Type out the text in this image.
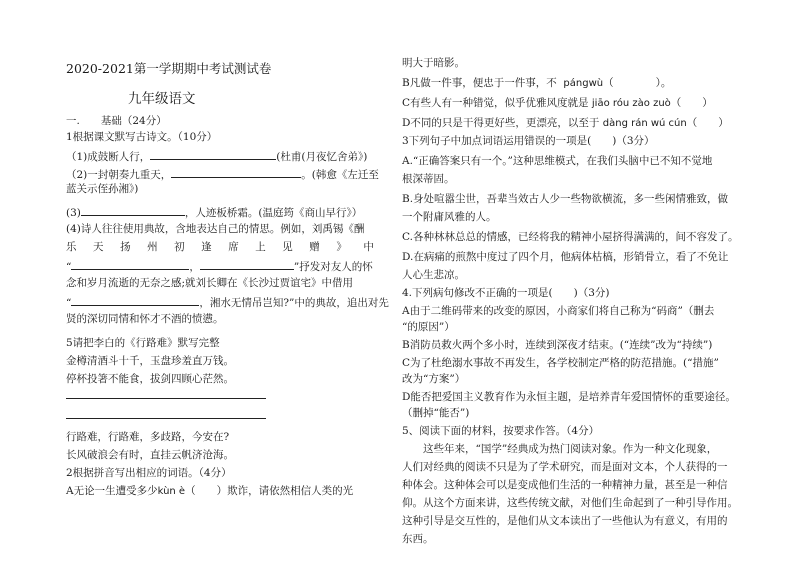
2020-2021第一学期期中考试测试卷
九年级语文
一.　　基础（24分）
1根据课文默写古诗文。（10分）
（1)成鼓断人行，	(杜甫(月夜忆舍弟》)
（2)一封朝奏九重天，	。(韩愈《左迁至
蓝关示侄孙湘》)
(3)	，人迹板桥霜。(温庭筠《商山早行》）
(4)诗人往往使用典故，含地表达自己的情思。例如，刘禹锡《酬
乐 天 扬 州 初 逢 席 上 见 赠 》 中
“	，	”抒发对友人的怀
念和岁月流逝的无奈之感;就刘长卿在《长沙过贾谊宅》中借用
“	，湘水无情吊岂知?”中的典故，追出对先
贤的深切同情和怀才不酒的愤懑。
5请把李白的《行路难》默写完整
金樽清酒斗十千，玉盘珍羞直万钱。
停杯投箸不能食，拔剑四顾心茫然。
行路难，行路难，多歧路，今安在?
长风破浪会有时，直挂云帆济沧海。
2根据拼音写出相应的词语。（4分）
A无论一生遭受多少kùn è（　　）欺诈，请依然相信人类的光
明大于暗影。
B凡做一件事，便忠于一件事，不 pángwù（　　　　）。
C有些人有一种错觉，似乎优雅风度就是 jiāo róu zào zuò（　　）
D不同的只是干得更好些，更漂亮，以至于 dàng rán wú cún（　　）
3下列句子中加点词语运用错误的一项是(　　)（3分）
A.“正确答案只有一个。”这种思维模式，在我们头脑中已不知不觉地
根深蒂固。
B.身处喧嚣尘世，吾辈当效古人少一些物欲横流，多一些闲情雅致，做
一个附庸风雅的人。
C.各种林林总总的情感，已经将我的精神小屋挤得满满的，间不容发了。
D.在病痛的煎熬中度过了四个月，他病体枯槁，形销骨立，看了不免让
人心生悲凉。
4.下列病句修改不正确的一项是(　　)（3分)
A由于二维码带来的改变的原因，小商家们将自己称为“码商”（删去
“的原因”）
B消防员救火两个多小时，连续到深夜才结束。(“连续”改为“持续”)
C为了杜绝溺水事故不再发生，各学校制定严格的防范措施。(“措施”
改为“方案”）
D能否把爱国主义教育作为永恒主题，是培养青年爱国情怀的重要途径。
（删掉“能否”)
5、阅读下面的材料，按要求作答。（4分）
　　这些年来，“国学”经典成为热门阅读对象。作为一种文化现象，
人们对经典的阅读不只是为了学术研究，而是面对文本，个人获得的一
种体会。这种体会可以是变成他们生活的一种精神力量，甚至是一种信
仰。从这个方面来讲，这些传统文献，对他们生命起到了一种引导作用。
这种引导是交互性的，是他们从文本读出了一些他认为有意义，有用的
东西。
